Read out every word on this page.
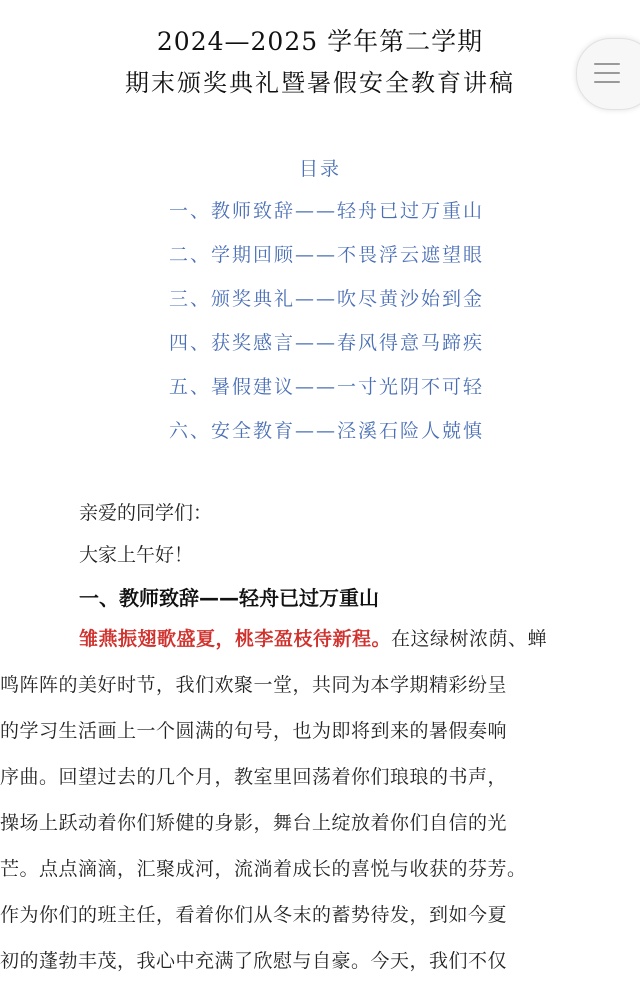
2024—2025 学年第二学期
期末颁奖典礼暨暑假安全教育讲稿
目录
一、教师致辞——轻舟已过万重山
二、学期回顾——不畏浮云遮望眼
三、颁奖典礼——吹尽黄沙始到金
四、获奖感言——春风得意马蹄疾
五、暑假建议——一寸光阴不可轻
六、安全教育——泾溪石险人兢慎
亲爱的同学们：
大家上午好！
一、教师致辞——轻舟已过万重山
雏燕振翅歌盛夏，桃李盈枝待新程。在这绿树浓荫、蝉
鸣阵阵的美好时节，我们欢聚一堂，共同为本学期精彩纷呈
的学习生活画上一个圆满的句号，也为即将到来的暑假奏响
序曲。回望过去的几个月，教室里回荡着你们琅琅的书声，
操场上跃动着你们矫健的身影，舞台上绽放着你们自信的光
芒。点点滴滴，汇聚成河，流淌着成长的喜悦与收获的芬芳。
作为你们的班主任，看着你们从冬末的蓄势待发，到如今夏
初的蓬勃丰茂，我心中充满了欣慰与自豪。今天，我们不仅
